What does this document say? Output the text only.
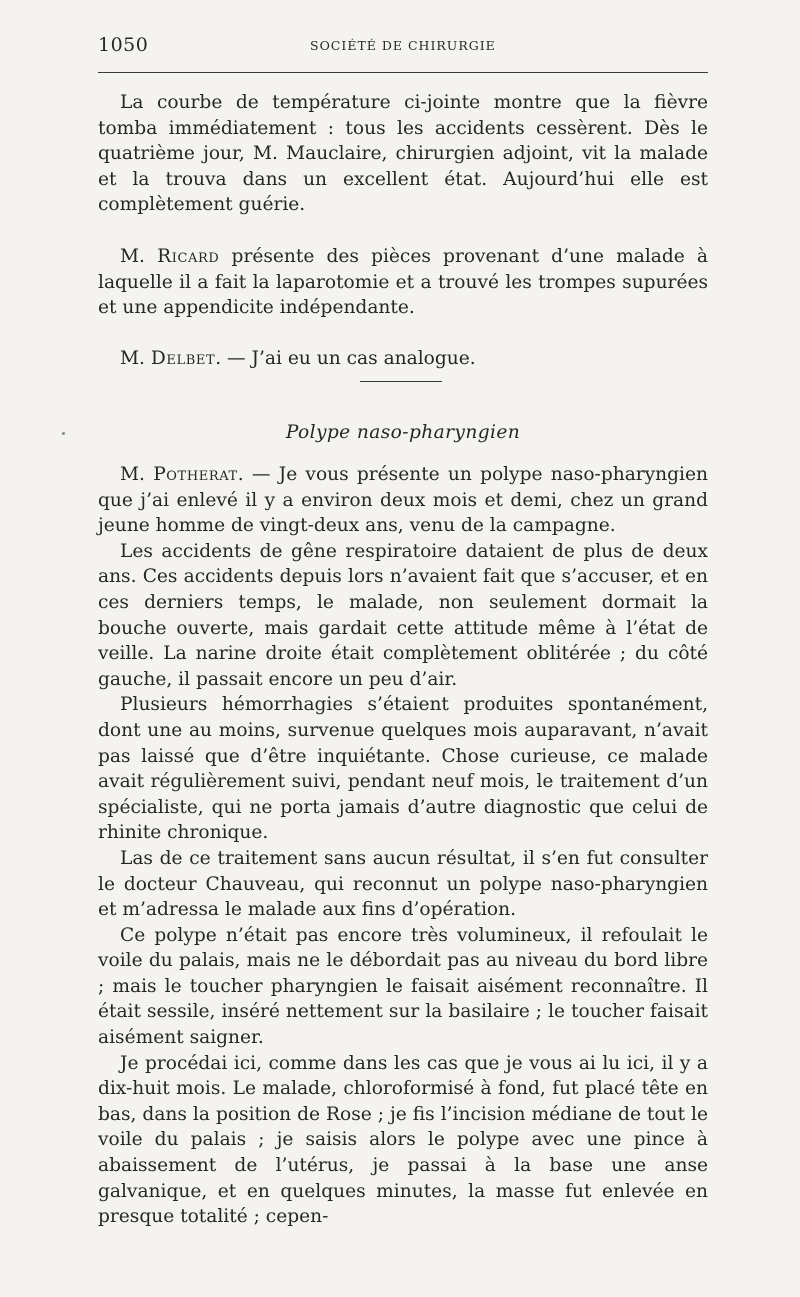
1050	SOCIÉTÉ DE CHIRURGIE

La courbe de température ci-jointe montre que la fièvre tomba immédiatement : tous les accidents cessèrent. Dès le quatrième jour, M. Mauclaire, chirurgien adjoint, vit la malade et la trouva dans un excellent état. Aujourd’hui elle est complètement guérie.

M. Ricard présente des pièces provenant d’une malade à laquelle il a fait la laparotomie et a trouvé les trompes supurées et une appendicite indépendante.

M. Delbet. — J’ai eu un cas analogue.

Polype naso-pharyngien

M. Potherat. — Je vous présente un polype naso-pharyngien que j’ai enlevé il y a environ deux mois et demi, chez un grand jeune homme de vingt-deux ans, venu de la campagne.

Les accidents de gêne respiratoire dataient de plus de deux ans. Ces accidents depuis lors n’avaient fait que s’accuser, et en ces derniers temps, le malade, non seulement dormait la bouche ouverte, mais gardait cette attitude même à l’état de veille. La narine droite était complètement oblitérée ; du côté gauche, il passait encore un peu d’air.

Plusieurs hémorrhagies s’étaient produites spontanément, dont une au moins, survenue quelques mois auparavant, n’avait pas laissé que d’être inquiétante. Chose curieuse, ce malade avait régulièrement suivi, pendant neuf mois, le traitement d’un spécialiste, qui ne porta jamais d’autre diagnostic que celui de rhinite chronique.

Las de ce traitement sans aucun résultat, il s’en fut consulter le docteur Chauveau, qui reconnut un polype naso-pharyngien et m’adressa le malade aux fins d’opération.

Ce polype n’était pas encore très volumineux, il refoulait le voile du palais, mais ne le débordait pas au niveau du bord libre ; mais le toucher pharyngien le faisait aisément reconnaître. Il était sessile, inséré nettement sur la basilaire ; le toucher faisait aisément saigner.

Je procédai ici, comme dans les cas que je vous ai lu ici, il y a dix-huit mois. Le malade, chloroformisé à fond, fut placé tête en bas, dans la position de Rose ; je fis l’incision médiane de tout le voile du palais ; je saisis alors le polype avec une pince à abaissement de l’utérus, je passai à la base une anse galvanique, et en quelques minutes, la masse fut enlevée en presque totalité ; cepen-
